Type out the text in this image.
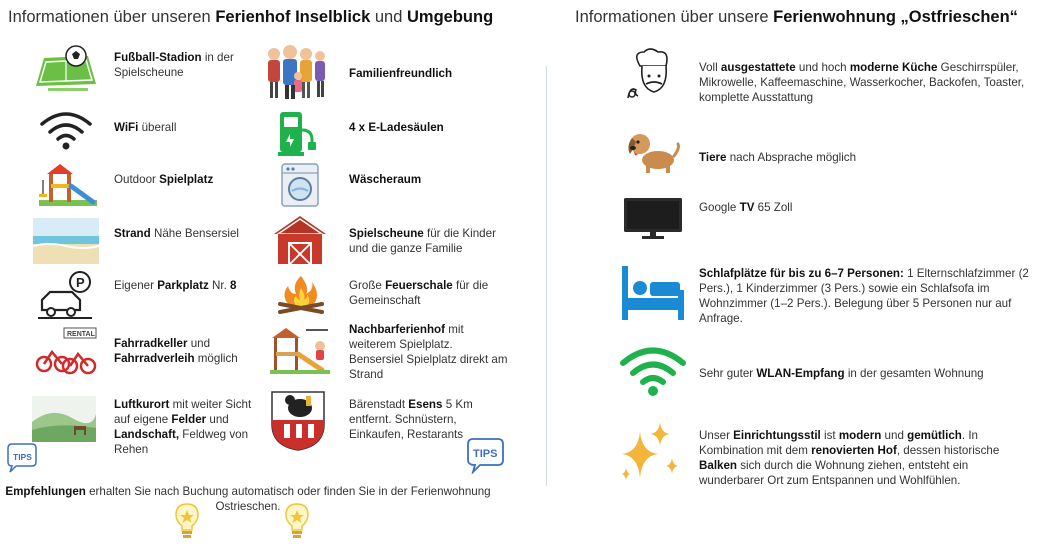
Informationen über unseren Ferienhof Inselblick und Umgebung	Informationen über unsere Ferienwohnung „Ostfrieschen“
P
RENTAL
TIPS	TIPS
Fußball-Stadion in der Spielscheune
WiFi überall
Outdoor Spielplatz
Strand Nähe Bensersiel
Eigener Parkplatz Nr. 8
Fahrradkeller und Fahrradverleih möglich
Luftkurort mit weiter Sicht auf eigene Felder und Landschaft, Feldweg von Rehen
Familienfreundlich
4 x E-Ladesäulen
Wäscheraum
Spielscheune für die Kinder und die ganze Familie
Große Feuerschale für die Gemeinschaft
Nachbarferienhof mit weiterem Spielplatz. Bensersiel Spielplatz direkt am Strand
Bärenstadt Esens 5 Km entfernt. Schnüstern, Einkaufen, Restarants
Voll ausgestattete und hoch moderne Küche Geschirrspüler, Mikrowelle, Kaffeemaschine, Wasserkocher, Backofen, Toaster, komplette Ausstattung
Tiere nach Absprache möglich
Google TV 65 Zoll
Schlafplätze für bis zu 6–7 Personen: 1 Elternschlafzimmer (2 Pers.), 1 Kinderzimmer (3 Pers.) sowie ein Schlafsofa im Wohnzimmer (1–2 Pers.). Belegung über 5 Personen nur auf Anfrage.
Sehr guter WLAN-Empfang in der gesamten Wohnung
Unser Einrichtungsstil ist modern und gemütlich. In Kombination mit dem renovierten Hof, dessen historische Balken sich durch die Wohnung ziehen, entsteht ein wunderbarer Ort zum Entspannen und Wohlfühlen.
Empfehlungen erhalten Sie nach Buchung automatisch oder finden Sie in der Ferienwohnung Ostrieschen.
